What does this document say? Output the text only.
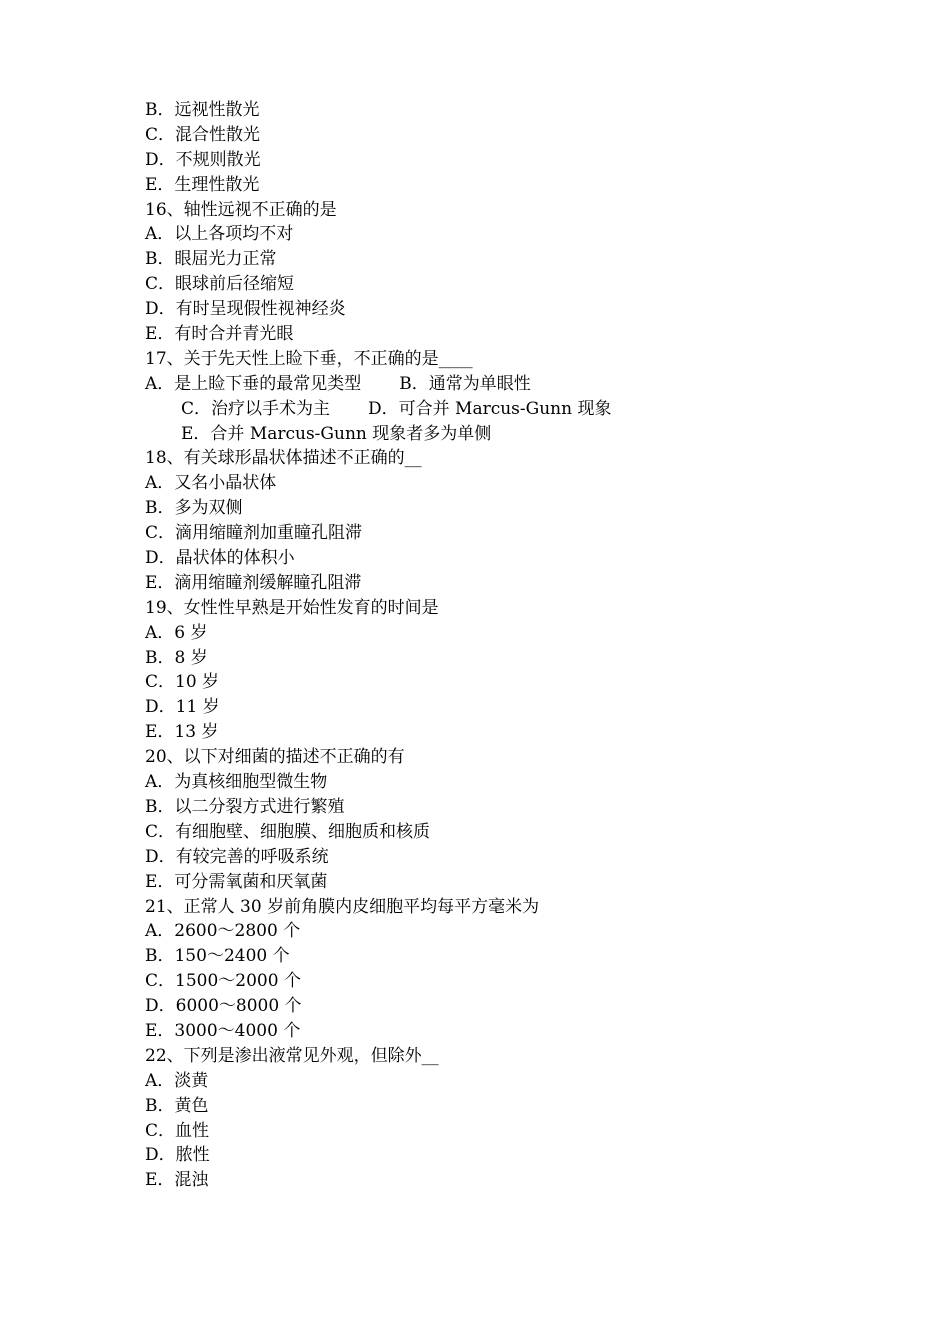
B．远视性散光
C．混合性散光
D．不规则散光
E．生理性散光
16、轴性远视不正确的是
A．以上各项均不对
B．眼屈光力正常
C．眼球前后径缩短
D．有时呈现假性视神经炎
E．有时合并青光眼
17、关于先天性上睑下垂，不正确的是____
A．是上睑下垂的最常见类型 B．通常为单眼性
C．治疗以手术为主 D．可合并 Marcus-Gunn 现象
E．合并 Marcus-Gunn 现象者多为单侧
18、有关球形晶状体描述不正确的__
A．又名小晶状体
B．多为双侧
C．滴用缩瞳剂加重瞳孔阻滞
D．晶状体的体积小
E．滴用缩瞳剂缓解瞳孔阻滞
19、女性性早熟是开始性发育的时间是
A．6 岁
B．8 岁
C．10 岁
D．11 岁
E．13 岁
20、以下对细菌的描述不正确的有
A．为真核细胞型微生物
B．以二分裂方式进行繁殖
C．有细胞壁、细胞膜、细胞质和核质
D．有较完善的呼吸系统
E．可分需氧菌和厌氧菌
21、正常人 30 岁前角膜内皮细胞平均每平方毫米为
A．2600～2800 个
B．150～2400 个
C．1500～2000 个
D．6000～8000 个
E．3000～4000 个
22、下列是渗出液常见外观，但除外__
A．淡黄
B．黄色
C．血性
D．脓性
E．混浊
